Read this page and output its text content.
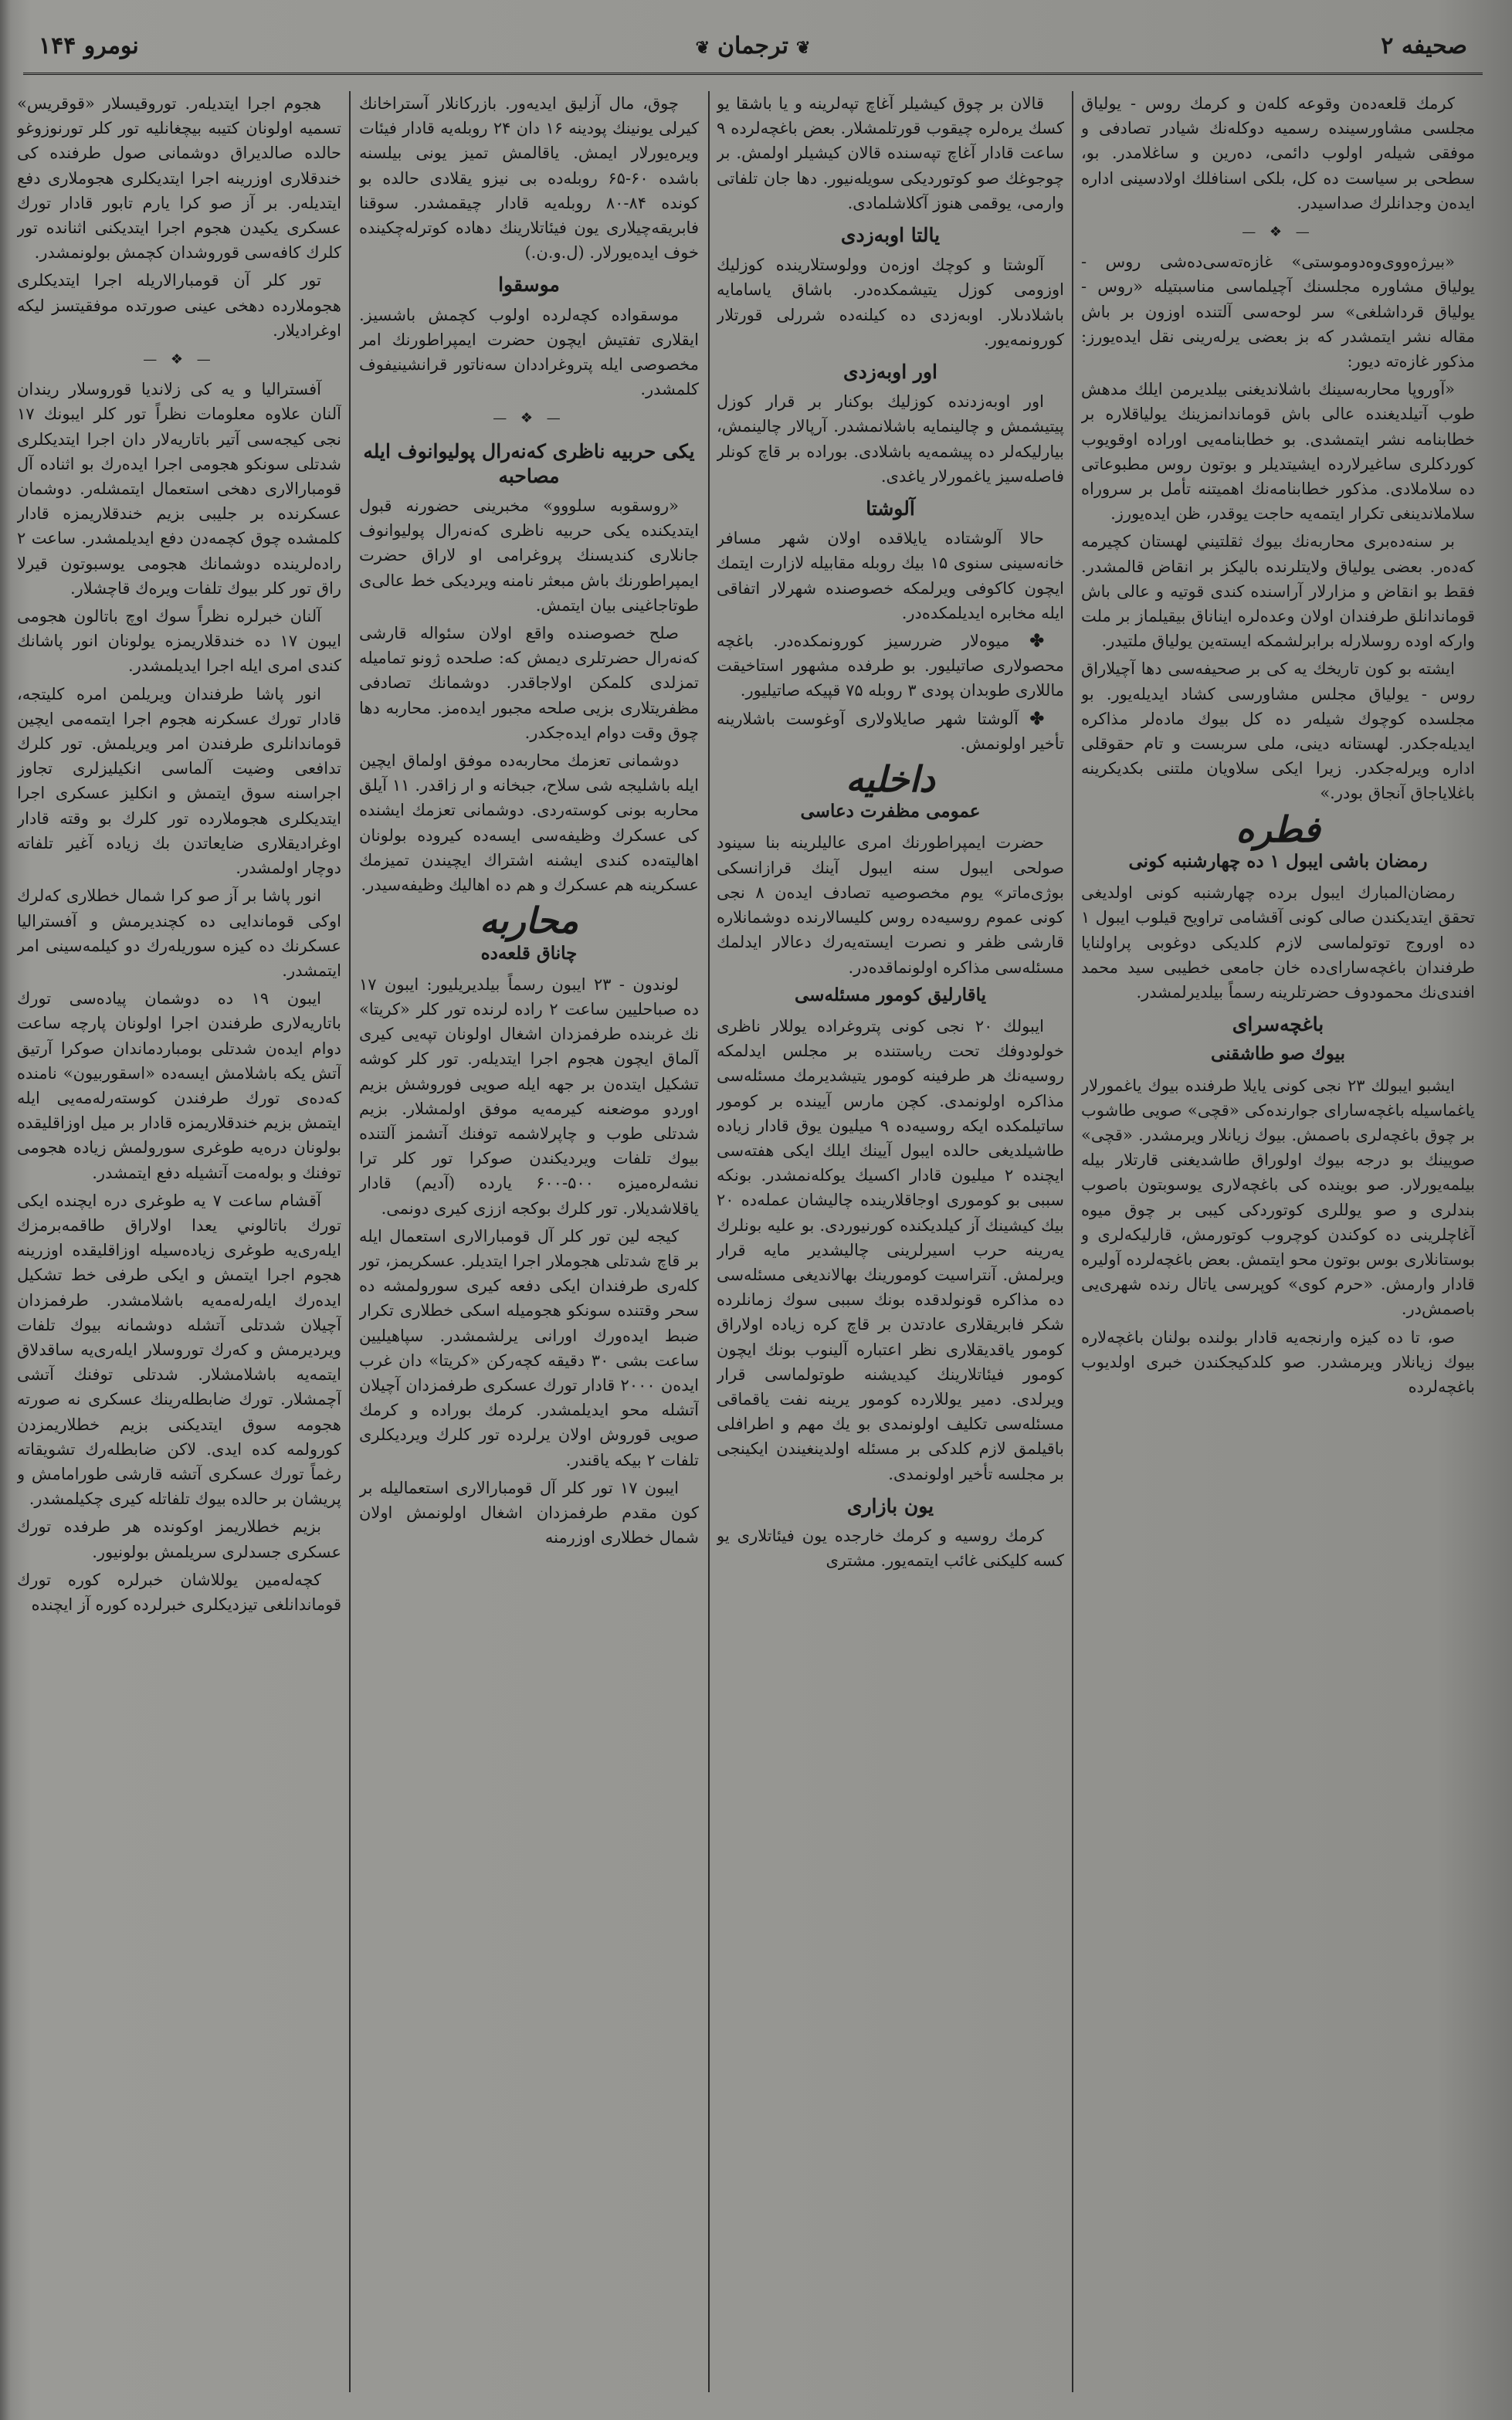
نومرو ۱۴۴	❦ترجمان❦	صحيفه ۲

کرمك قلعه‌ده‌ن وقوعه کله‌ن و کرمك روس - يولياق مجلسى مشاورسينده رسميه دوكله‌نك شيادر تصادفى و موفقى شيلەر اولوب دائمى، دەرين و ساغلامدر. بو، سطحى بر سياست ده كل، بلكى اسنافلك اولادسينى اداره ايدەن وجدانلرك صداسيدر.

— ❖ —

«بيرژەووی‌وەدوموستى» غازەتەسى‌دەشى روس - يولياق مشاوره مجلسنك آچيلماسى مناسبتيله «روس - يولياق قرداشلغى» سر لوحەسى آلتنده اوزون بر باش مقاله نشر ايتمشدر كه بز بعضى يرلەرينى نقل ايدەيورز: مذكور غازەته ديور:

«آوروپا محاربەسينك باشلانديغنى بيلديرمن ايلك مدهش طوب آتيلديغنده عالى باش قوماندانمزينك يولياقلاره بر خطابنامه نشر ايتمشدى. بو خطابنامه‌يى اوراده اوقويوب كوردكلرى ساغيرلارده ايشيتديلر و بوتون روس مطبوعاتى ده سلاملادى. مذكور خطابنامه‌نك اهميتنه تأمل بر سروراه سلاملاندينغى تكرار ايتمه‌يه حاجت يوقدر، ظن ايده‌يورز.

بر سنه‌ده‌برى محاربه‌نك بيوك ثقلتيني لهستان كچيرمه كه‌ده‌ر. بعضى يولياق ولايتلرنده باليكز بر انقاض قالمشدر. فقط بو انقاض و مزارلار آراسنده كندى قوتيه و عالى باش قوماندانلق طرفندان اولان وعده‌لره ايناناق بيقيلماز بر ملت واركه اوده روسلارله برابرلشمكه ايسته‌ين يولياق ملتيدر.

ايشته بو كون تاريخك يه كى بر صحيفه‌سى دها آچيلاراق روس - يولياق مجلس مشاورسى كشاد ايديله‌يور. بو مجلسده كوچوك شيلەر ده كل بيوك مادەلر مذاكره ايديلەجكدر. لهستانه دينى، ملى سربست و تام حقوقلى اداره ويرلەجكدر. زيرا ايكى سلاويان ملتنى بكديكرينه باغلاياجاق آنجاق بودر.»

فطره
رمضان باشى ايبول ۱ ده چهارشنبه كونى

رمضان‌المبارك ايبول برده چهارشنبه كونى اولديغى تحقق ايتديكندن صالى كونى آقشامى تراويح قيلوب ايبول ۱ ده اوروج توتولماسى لازم كلديكى دوغوبى پراولنايا طرفندان باغچه‌ساراى‌ده خان جامعى خطيبى سيد محمد افندى‌نك محمودوف حضرتلرينه رسماً بيلديرلمشدر.

باغچه‌سراى
بيوك صو طاشقنى

ايشبو ايبولك ۲۳ نجى كونى يايلا طرفنده بيوك ياغمورلار ياغماسيله باغچه‌ساراى جوارنده‌كى «قچى» صويى طاشوب بر چوق باغچه‌لرى باصمش. بيوك زيانلار ويرمشدر. «قچى» صويينك بو درجه بيوك اولوراق طاشديغنى قارتلار بيله بيلمه‌يورلار. صو بوينده كى باغچه‌لارى يوسوبتون باصوب بندلرى و صو يوللرى كوتوردكى كيبى بر چوق ميوه آغاچلرينى ده كوكندن كوچروب كوتورمش، قارليكه‌لرى و بوستانلارى بوس بوتون محو ايتمش. بعض باغچه‌لرده آوليره قادار وارمش. «حرم كوى» كوپرسى ياتال رنده شهرى‌يى باصمش‌در.

صو، تا ده كيزه وارنجه‌يه قادار بولنده بولنان باغچه‌لاره بيوك زيانلار ويرمشدر. صو كلدكيجكندن خبرى اولديوب باغچه‌لرده

قالان بر چوق كيشيلر آغاچ تپه‌لرينه و يا باشقا يو كسك يره‌لره چيقوب قورتلمشلار. بعض باغچه‌لرده ۹ ساعت قادار آغاچ تپه‌سنده قالان كيشيلر اولمش. بر چوجوغك صو كوتورديكى سويله‌نيور. دها جان تلفاتى وارمى، يوقمى هنوز آكلاشلمادى.

يالتا اوبه‌زدى

آلوشتا و كوچك اوزەن وولوستلارينده كوزليك اوزومی كوزل يتيشمكده‌در. باشاق ياسامايه باشلادىلار. اوبه‌زدى ده كيلنه‌ده شررلى قورتلار كورونمه‌يور.

اور اوبه‌زدى

اور اوبه‌زدنده كوزليك بوكنار بر قرار كوزل پيتيشمش و چالينمايه باشلانمشدر. آرپالار چالينمش، بيارليكه‌لر ده پيشمه‌يه باشلادى. بوراده بر قاچ كونلر فاصله‌سيز ياغمورلار ياغدى.

آلوشتا

حالا آلوشتاده يايلاقده اولان شهر مسافر خانه‌سينى سنوى ۱۵ بيك روبله مقابيله لازارت ايتمك ايچون كاكوفى ويرلمكه خصوصنده شهرلار اتفاقى ايله مخابره ايديلمكده‌در.

✤ ميوه‌لار ضررسيز كورونمكده‌در. باغچه محصولارى صاتيليور. بو طرفده مشهور استاخيقت ماللارى طوبدان پودى ۳ روبله ۷۵ قپيكه صاتيليور.

✤ آلوشتا شهر صايلاولارى آوغوست باشلارينه تأخير اولونمش.

داخليه
عمومى مظفرت دعاسى

حضرت ايمپراطورنك امرى عاليلرينه بنا سينود صولحى ايبول سنه ايبول آينك قرازانسكى بوژى‌ماتر» يوم مخصوصيه تصادف ايدەن ۸ نجى كونى عموم روسيه‌ده روس كليسالارنده دوشمانلاره قارشى ظفر و نصرت ايسته‌يەرك دعالار ايدلمك مسئله‌سى مذاكره اولونماقده‌در.

ياقارليق كومور مسئله‌سى

ايبولك ۲۰ نجى كونى پتروغراده يوللار ناظرى خولودوفك تحت رياستنده بر مجلس ايدلمكه روسيه‌نك هر طرفينه كومور يتيشديرمك مسئله‌سى مذاكره اولونمدى. كچن مارس آيينده بر كومور ساتيلمكده ايكه روسيه‌ده ۹ ميليون يوق قادار زياده طاشيلديغى حالده ايبول آيينك ايلك ايكى هفته‌سى ايچنده ۲ ميليون قادار اكسيك يوكلەنمشدر. بونكه سببى بو كومورى اوجاقلارينده چاليشان عمله‌ده ۲۰ بيك كيشينك آز كيلديكنده كورنيوردى. بو عليه بونلرك يه‌رينه حرب اسيرلرينى چاليشدير مايه قرار ويرلمش. آنتراسيت كومورينك بهالانديغى مسئله‌سى ده مذاكره قونولدقده بونك سببى سوك زمانلرده شكر فابريقلارى عادتدن بر قاچ كره زياده اولاراق كومور ياقديقلارى نظر اعتباره آلينوب بونك ايچون كومور فيئاتلارينك كيديشنه طوتولماسى قرار ويرلدى. دمير يوللارده كومور يرينه نفت ياقماقى مسئله‌سى تكليف اولونمدى بو يك مهم و اطرافلى باقيلمق لازم كلدكى بر مسئله اولدينغيندن ايكينجى بر مجلسه تأخير اولونمدى.

يون بازارى

كرمك روسيه و كرمك خارجده يون فيئاتلارى يو كسه كليكنى غائب ايتمه‌يور. مشترى

چوق، مال آزليق ايديەور. بازركانلار آستراخانك كيرلى يونينك پودينه ۱۶ دان ۲۴ روبله‌يه قادار فيئات ويره‌يورلار ايمش. ياقالمش تميز يونى بيلسنه باشده ۶۰-۶۵ روبله‌ده بى نيزو يقلادى حالده بو كونده ۸۴-۸۰ روبله‌يه قادار چيقمشدر. سوقنا فابريقه‌چيلارى يون فيئاتلارينك دهاده كوترلەچكينده خوف ايده‌يورلار. (ل.و.ن.)

موسقوا

موسقواده كچه‌لرده اولوب كچمش باشسيز. ايقلارى تفتيش ايچون حضرت ايمپراطورنك امر مخصوصى ايله پتروغراددان سه‌ناتور قرانشينيفوف كلمشدر.

— ❖ —
يكى حربيه ناظرى كه‌نه‌رال پوليوانوف ايله مصاحبه

«روسقوبه سلووو» مخبرينى حضورنه قبول ايتديكنده يكى حربيه ناظرى كه‌نه‌رال پوليوانوف جانلارى كنديسنك پروغرامى او لاراق حضرت ايمپراطورنك باش مبعثر نامنه ويرديكى خط عالى‌ى طوتاجاغينى بيان ايتمش.

صلح خصوصنده واقع اولان سئوالە قارشى كه‌نه‌رال حضرتلرى ديمش كه: صلحده ژونو تماميله تمزلدى كلمكن اولاجاقدر. دوشمانك تصادفى مظفريتلارى بزيى صلحه مجبور ايده‌مز. محاربه دها چوق وقت دوام ايده‌جكدر.

دوشمانى تعزمك محاربه‌ده موفق اولماق ايچين ايله باشليجه شى سلاح، جبخانه و ار زاقدر. ۱۱ آيلق محاربه بونى كوستەردى. دوشمانى تعزمك ايشنده كى عسكرك وظيفه‌سى ايسه‌ده كيروده بولونان اهاليته‌ده كندى ايشنه اشتراك ايچيندن تميزمك عسكرينه هم عسكرك و هم ده اهاليك وظيفه‌سيدر.

محاربه
چاناق قلعه‌ده

لوندون - ۲۳ ايبون رسماً بيلديريليور: ايبون ۱۷ ده صباحليين ساعت ۲ راده لرنده تور كلر «كريتا» نك غربنده طرفمزدان اشغال اولونان تپه‌يى كيرى آلماق ايچون هجوم اجرا ايتديلەر. تور كلر كوشه تشكيل ايتدەن بر جهه ايله صويى فوروشش بزيم اوردو موضعنه كيرمه‌يە موفق اولمشلار. بزيم شدتلى طوب و چاپرلاشمه توفنك آتشمز آلتنده بيوك تلفات ويرديكندن صوكرا تور كلر ترا نشه‌لره‌ميزه ۵۰۰-۶۰۰ يارده (آديم) قادار ياقلاشديلار. تور كلرك بوكجه اززى كيرى دونمى.

كيجه لين تور كلر آل قومبارالارى استعمال ايله بر قاچ شدتلى هجوملار اجرا ايتديلر. عسكريمز، تور كلەرى طرفندان ايكى دفعه كيرى سورولمشه ده سحر وقتنده سونكو هجوميله اسكى خطلارى تكرار ضبط ايده‌ورك اورانى يرلشمشدر. سپاهيليين ساعت بشى ۳۰ دقيقه كچەركن «كريتا» دان غرب ايده‌ن ۲۰۰۰ قادار تورك عسكرى طرفمزدان آچيلان آتشله محو ايديلمشدر. كرمك بوراده و كرمك صويى قوروش اولان يرلرده تور كلرك ويرديكلرى تلفات ۲ بيكه ياقندر.

ايبون ۱۷ تور كلر آل قومبارالارى استعماليله بر كون مقدم طرفمزدان اشغال اولونمش اولان شمال خطلارى اوزرمنه

هجوم اجرا ايتديلەر. توروقيسلار «قوقريس» تسميه اولونان كتيبه بيچغانليه تور كلر تورنوزوغو حالده صالديراق دوشمانى صول طرفنده كى خندقلارى اوزرينه اجرا ايتديكلرى هجوملارى دفع ايتديلەر. بر آز صو كرا يارم تابور قادار تورك عسكرى يكيدن هجوم اجرا ايتديكنى اثنانده تور كلرك كافه‌سى قوروشدان كچمش بولونمشدر.

تور كلر آن قومبارالاريله اجرا ايتديكلرى هجوملارده دهخى عينى صورتده موفقيتسز ليكه اوغراديلار.

— ❖ —

آفستراليا و يه كى زلانديا قوروسلار ريندان آلنان علاوه معلومات نظراً تور كلر ايبونك ۱۷ نجى كيجه‌سى آتير باتاريه‌لار دان اجرا ايتديكلرى شدتلى سونكو هجومى اجرا ايده‌رك بو اثناده آل قومبارالارى دهخى استعمال ايتمشلەر. دوشمان عسكرنده بر جليبى بزيم خندقلاريمزه قادار كلمشده چوق كچمه‌دن دفع ايديلمشدر. ساعت ۲ راده‌لرينده دوشمانك هجومى يوسبوتون قيرلا راق تور كلر بيوك تلفات ويره‌ك قاچشلار.

آلنان خبرلره نظراً سوك اوچ باتالون هجومى ايبون ۱۷ ده خندقلاريمزه يولونان انور پاشانك كندى امرى ايله اجرا ايديلمشدر.

انور پاشا طرفندان ويريلمن امره كليتجه، قادار تورك عسكرنه هجوم اجرا ايتمه‌مى ايچين قوماندانلرى طرفندن امر ويريلمش. تور كلرك تدافعى وضيت آلماسى انكيليزلرى تجاوز اجراسنه سوق ايتمش و انكليز عسكرى اجرا ايتديكلرى هجوملارده تور كلرك بو وقته قادار اوغراديقلارى ضايعاتدن بك زياده آغير تلفاته دوچار اولمشدر.

انور پاشا بر آز صو كرا شمال خطلارى كه‌لرك اوكى قوماندايى ده كچنديرمش و آفستراليا عسكرنك ده كيزه سوريله‌رك دو كيلمه‌سينى امر ايتمشدر.

ايبون ۱۹ ده دوشمان پيادەسى تورك باتاريه‌لارى طرفندن اجرا اولونان پارچه ساعت دوام ايده‌ن شدتلى بومباردماندان صوكرا آرتيق آتش يكه باشلامش ايسەده «اسقوربيون» نامنده كه‌ده‌ى تورك طرفندن كوستەرلەمه‌يى ايله ايتمش بزيم خندقلاريمزه قادار بر ميل اوزاقليقده بولونان درەيه طوغرى سورولمش زياده هجومى توفنك و بولەمت آتشيله دفع ايتمشدر.

آقشام ساعت ۷ يه طوغرى دره ايچنده ايكى تورك باتالوني يعدا اولاراق طاقمه‌برمزك ايلەرى‌يه طوغرى زياده‌سيله اوزاقليقدە اوزرينه هجوم اجرا ايتمش و ايكى طرفى خط تشكيل ايده‌رك ايلەرلەمه‌يه باشلامشدر. طرفمزدان آچيلان شدتلى آتشله دوشمانه بيوك تلفات ويرديرمش و كه‌رك توروسلار ايلەرى‌يه ساقدلاق ايتمه‌يه باشلامشلار. شدتلى توفنك آتشى آچمشلار. تورك ضابطلەرينك عسكرى نه صورته هجومه سوق ايتديكنى بزيم خطلاريمزدن كورولمه كده ايدى. لاكن ضابطلەرك تشويقاته رغماً تورك عسكرى آتشه قارشى طورامامش و پريشان بر حالده بيوك تلفاتله كيرى چكيلمشدر.

بزيم خطلاريمز اوكونده هر طرفده تورك عسكرى جسدلرى سريلمش بولونيور.

كچەله‌مين يوللاشان خبرلره كوره تورك قوماندانلغى تيزديكلرى خبرلرده كوره آز ايچنده
